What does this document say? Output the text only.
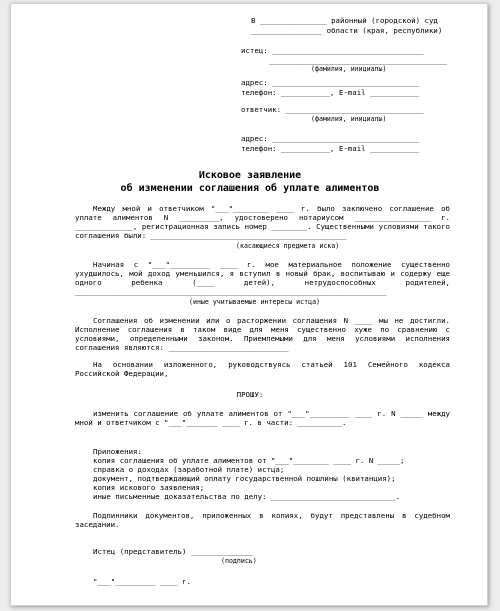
В _______________ районный (городской) суд
________________ области (края, республики)
истец: __________________________________
________________________________________
(фамилия, инициалы)
адрес: _________________________________
телефон: ___________, E-mail ___________
ответчик: _______________________________
(фамилия, инициалы)
адрес: _________________________________
телефон: ___________, E-mail ___________
Исковое заявление
об изменении соглашения об уплате алиментов
Между мной и ответчиком "___"________ ____ г. было заключено соглашение об уплате алиментов N _________, удостоверено нотариусом _________________ г. _____________, регистрационная запись номер ________. Существенными условиями такого соглашения были: ____________________________________________
(касающиеся предмета иска)
Начиная с "___"_________ ____ г. мое материальное положение существенно ухудшилось, мой доход уменьшился, я вступил в новый брак, воспитываю и содержу еще одного ребенка (____ детей), нетрудоспособных родителей, ______________________________________________________________________
(иные учитываемые интересы истца)
Соглашения об изменении или о расторжении соглашения N ____ мы не достигли. Исполнение соглашения в таком виде для меня существенно хуже по сравнению с условиями, определенными законом. Приемлемыми для меня условиями исполнения соглашения являются: ___________________________
На основании изложенного, руководствуясь статьей 101 Семейного кодекса Российской Федерации,
ПРОШУ:
изменить соглашение об уплате алиментов от "___"_________ ____ г. N _____ между мной и ответчиком с "___"_______ ____ г. в части: __________.
Приложения:
копия соглашения об уплате алиментов от "___"________ ____ г. N _____;
справка о доходах (заработной плате) истца;
документ, подтверждающий оплату государственной пошлины (квитанция);
копия искового заявления;
иные письменные доказательства по делу: ____________________________.
Подлинники документов, приложенных в копиях, будут представлены в судебном заседании.
Истец (представитель) ______________
(подпись)
"___"_________ ____ г.
